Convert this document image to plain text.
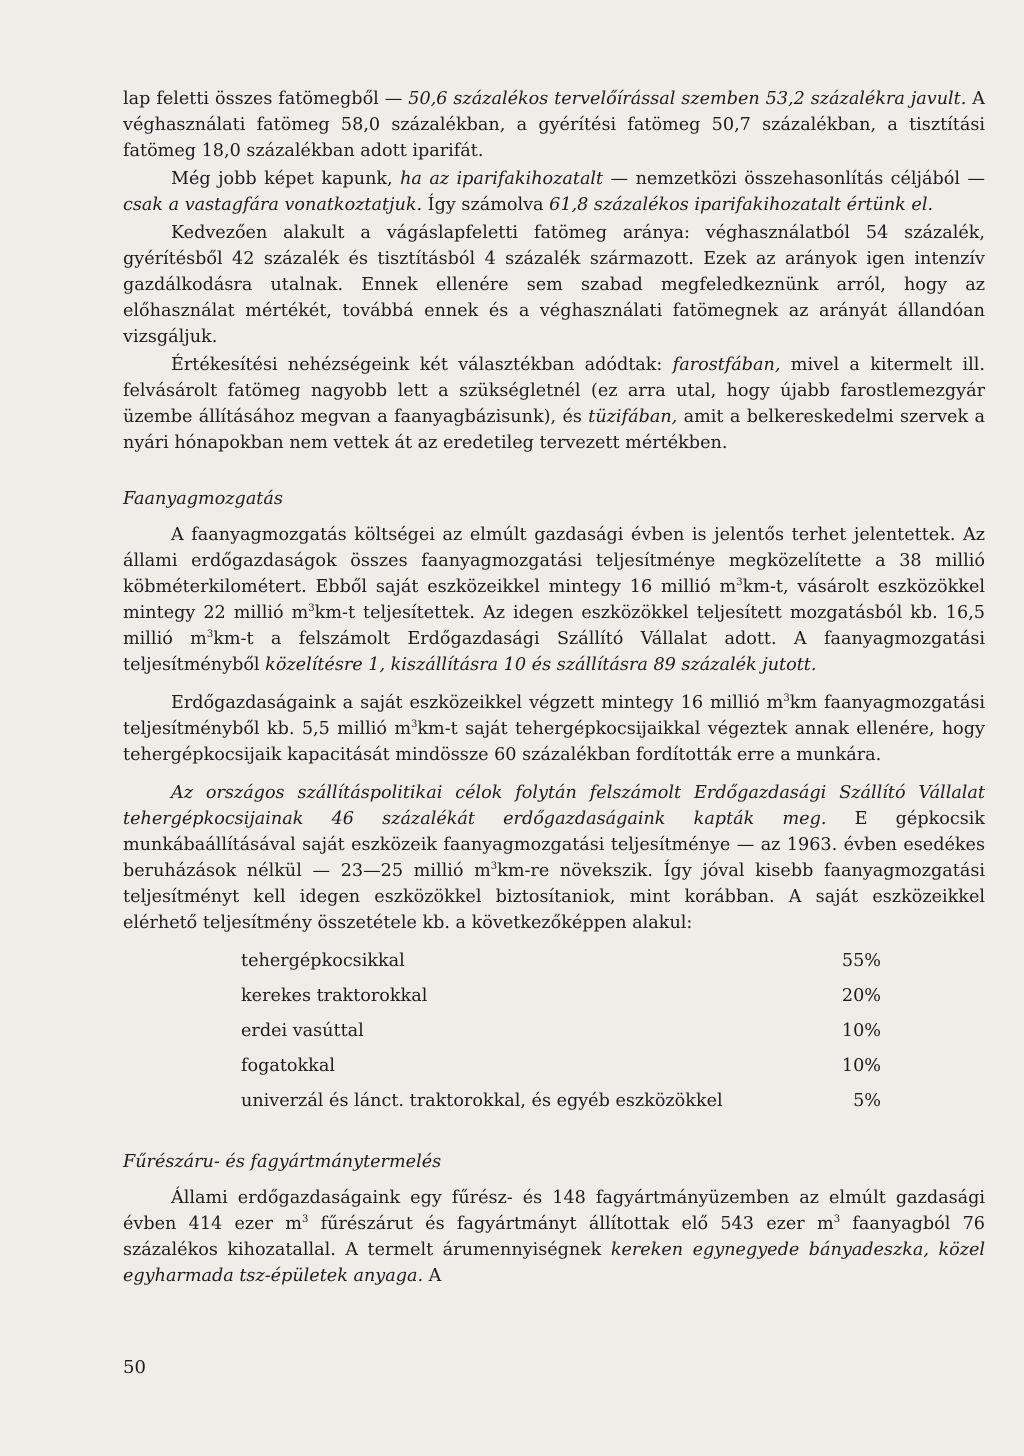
lap feletti összes fatömegből — 50,6 százalékos tervelőírással szemben 53,2 százalékra javult. A véghasználati fatömeg 58,0 százalékban, a gyérítési fatömeg 50,7 százalékban, a tisztítási fatömeg 18,0 százalékban adott iparifát.

Még jobb képet kapunk, ha az iparifakihozatalt — nemzetközi összehasonlítás céljából — csak a vastagfára vonatkoztatjuk. Így számolva 61,8 százalékos iparifakihozatalt értünk el.

Kedvezően alakult a vágáslapfeletti fatömeg aránya: véghasználatból 54 százalék, gyérítésből 42 százalék és tisztításból 4 százalék származott. Ezek az arányok igen intenzív gazdálkodásra utalnak. Ennek ellenére sem szabad megfeledkeznünk arról, hogy az előhasználat mértékét, továbbá ennek és a véghasználati fatömegnek az arányát állandóan vizsgáljuk.

Értékesítési nehézségeink két választékban adódtak: farostfában, mivel a kitermelt ill. felvásárolt fatömeg nagyobb lett a szükségletnél (ez arra utal, hogy újabb farostlemezgyár üzembe állításához megvan a faanyagbázisunk), és tüzifában, amit a belkereskedelmi szervek a nyári hónapokban nem vettek át az eredetileg tervezett mértékben.

Faanyagmozgatás

A faanyagmozgatás költségei az elmúlt gazdasági évben is jelentős terhet jelentettek. Az állami erdőgazdaságok összes faanyagmozgatási teljesítménye megközelítette a 38 millió köbméterkilométert. Ebből saját eszközeikkel mintegy 16 millió $m^3km-t$, vásárolt eszközökkel mintegy 22 millió $m^3km-t$ teljesítettek. Az idegen eszközökkel teljesített mozgatásból kb. 16,5 millió $m^3km-t$ a felszámolt Erdőgazdasági Szállító Vállalat adott. A faanyagmozgatási teljesítményből közelítésre 1, kiszállításra 10 és szállításra 89 százalék jutott.

Erdőgazdaságaink a saját eszközeikkel végzett mintegy 16 millió $m^3km$ faanyagmozgatási teljesítményből kb. 5,5 millió $m^3km-t$ saját tehergépkocsijaikkal végeztek annak ellenére, hogy tehergépkocsijaik kapacitását mindössze 60 százalékban fordították erre a munkára.

Az országos szállításpolitikai célok folytán felszámolt Erdőgazdasági Szállító Vállalat tehergépkocsijainak 46 százalékát erdőgazdaságaink kapták meg. E gépkocsik munkábaállításával saját eszközeik faanyagmozgatási teljesítménye — az 1963. évben esedékes beruházások nélkül — 23—25 millió $m^3km-re$ növekszik. Így jóval kisebb faanyagmozgatási teljesítményt kell idegen eszközökkel biztosítaniok, mint korábban. A saját eszközeikkel elérhető teljesítmény összetétele kb. a következőképpen alakul:

tehergépkocsikkal	55%
kerekes traktorokkal	20%
erdei vasúttal	10%
fogatokkal	10%
univerzál és lánct. traktorokkal, és egyéb eszközökkel	5%
Fűrészáru- és fagyártmánytermelés

Állami erdőgazdaságaink egy fűrész- és 148 fagyártmányüzemben az elmúlt gazdasági évben 414 ezer $m^3$ fűrészárut és fagyártmányt állítottak elő 543 ezer $m^3$ faanyagból 76 százalékos kihozatallal. A termelt árumennyiségnek kereken egynegyede bányadeszka, közel egyharmada tsz-épületek anyaga. A

50
